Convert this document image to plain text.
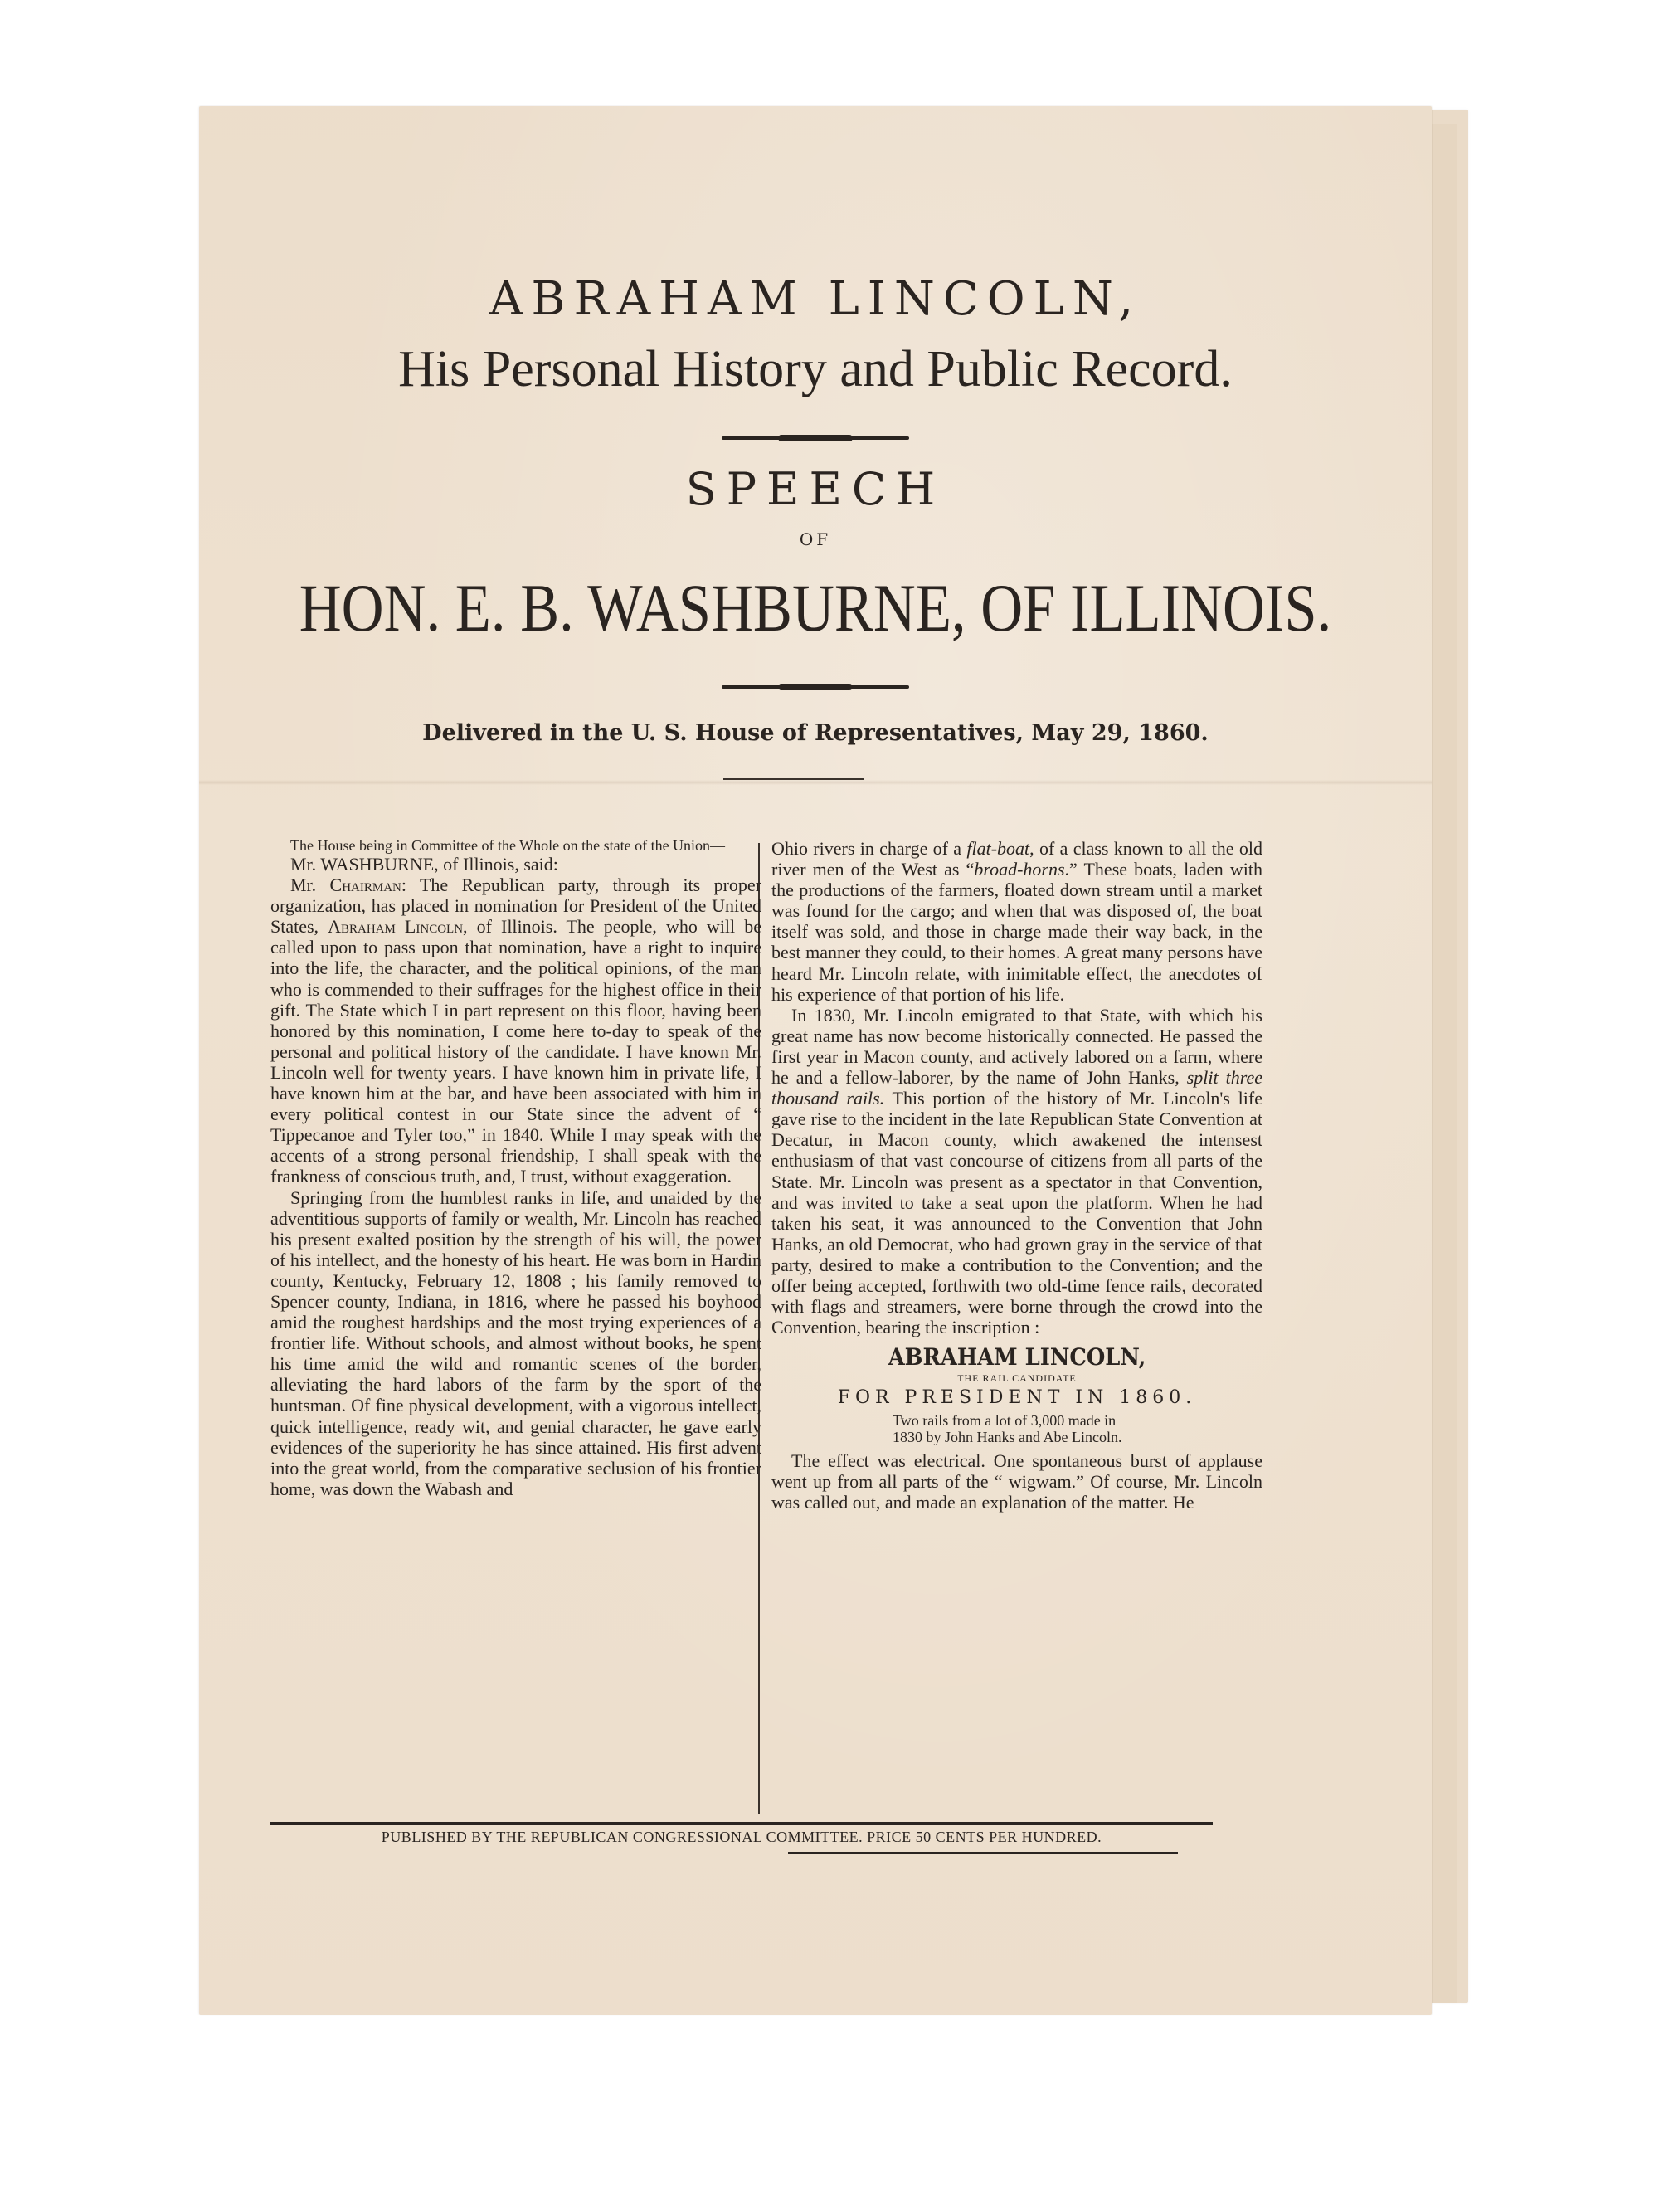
ABRAHAM LINCOLN,
His Personal History and Public Record.
SPEECH
OF
HON. E. B. WASHBURNE, OF ILLINOIS.
Delivered in the U. S. House of Representatives, May 29, 1860.

The House being in Committee of the Whole on the state of the Union—

Mr. WASHBURNE, of Illinois, said:

Mr. Chairman: The Republican party, through its proper organization, has placed in nomination for President of the United States, Abraham Lincoln, of Illinois. The people, who will be called upon to pass upon that nomination, have a right to inquire into the life, the character, and the political opinions, of the man who is commended to their suffrages for the highest office in their gift. The State which I in part represent on this floor, having been honored by this nomination, I come here to-day to speak of the personal and political history of the candidate. I have known Mr. Lincoln well for twenty years. I have known him in private life, I have known him at the bar, and have been associated with him in every political contest in our State since the advent of “ Tippecanoe and Tyler too,” in 1840. While I may speak with the accents of a strong personal friendship, I shall speak with the frankness of conscious truth, and, I trust, without exaggeration.

Springing from the humblest ranks in life, and unaided by the adventitious supports of family or wealth, Mr. Lincoln has reached his present exalted position by the strength of his will, the power of his intellect, and the honesty of his heart. He was born in Hardin county, Kentucky, February 12, 1808 ; his family removed to Spencer county, Indiana, in 1816, where he passed his boyhood amid the roughest hardships and the most trying experiences of a frontier life. Without schools, and almost without books, he spent his time amid the wild and romantic scenes of the border, alleviating the hard labors of the farm by the sport of the huntsman. Of fine physical development, with a vigorous intellect, quick intelligence, ready wit, and genial character, he gave early evidences of the superiority he has since attained. His first advent into the great world, from the comparative seclusion of his frontier home, was down the Wabash and

Ohio rivers in charge of a flat-boat, of a class known to all the old river men of the West as “broad-horns.” These boats, laden with the productions of the farmers, floated down stream until a market was found for the cargo; and when that was disposed of, the boat itself was sold, and those in charge made their way back, in the best manner they could, to their homes. A great many persons have heard Mr. Lincoln relate, with inimitable effect, the anecdotes of his experience of that portion of his life.

In 1830, Mr. Lincoln emigrated to that State, with which his great name has now become historically connected. He passed the first year in Macon county, and actively labored on a farm, where he and a fellow-laborer, by the name of John Hanks, split three thousand rails. This portion of the history of Mr. Lincoln's life gave rise to the incident in the late Republican State Convention at Decatur, in Macon county, which awakened the intensest enthusiasm of that vast concourse of citizens from all parts of the State. Mr. Lincoln was present as a spectator in that Convention, and was invited to take a seat upon the platform. When he had taken his seat, it was announced to the Convention that John Hanks, an old Democrat, who had grown gray in the service of that party, desired to make a contribution to the Convention; and the offer being accepted, forthwith two old-time fence rails, decorated with flags and streamers, were borne through the crowd into the Convention, bearing the inscription :

ABRAHAM LINCOLN,
THE RAIL CANDIDATE
FOR PRESIDENT IN 1860.
Two rails from a lot of 3,000 made in 1830 by John Hanks and Abe Lincoln.

The effect was electrical. One spontaneous burst of applause went up from all parts of the “ wigwam.” Of course, Mr. Lincoln was called out, and made an explanation of the matter. He

PUBLISHED BY THE REPUBLICAN CONGRESSIONAL COMMITTEE. PRICE 50 CENTS PER HUNDRED.
